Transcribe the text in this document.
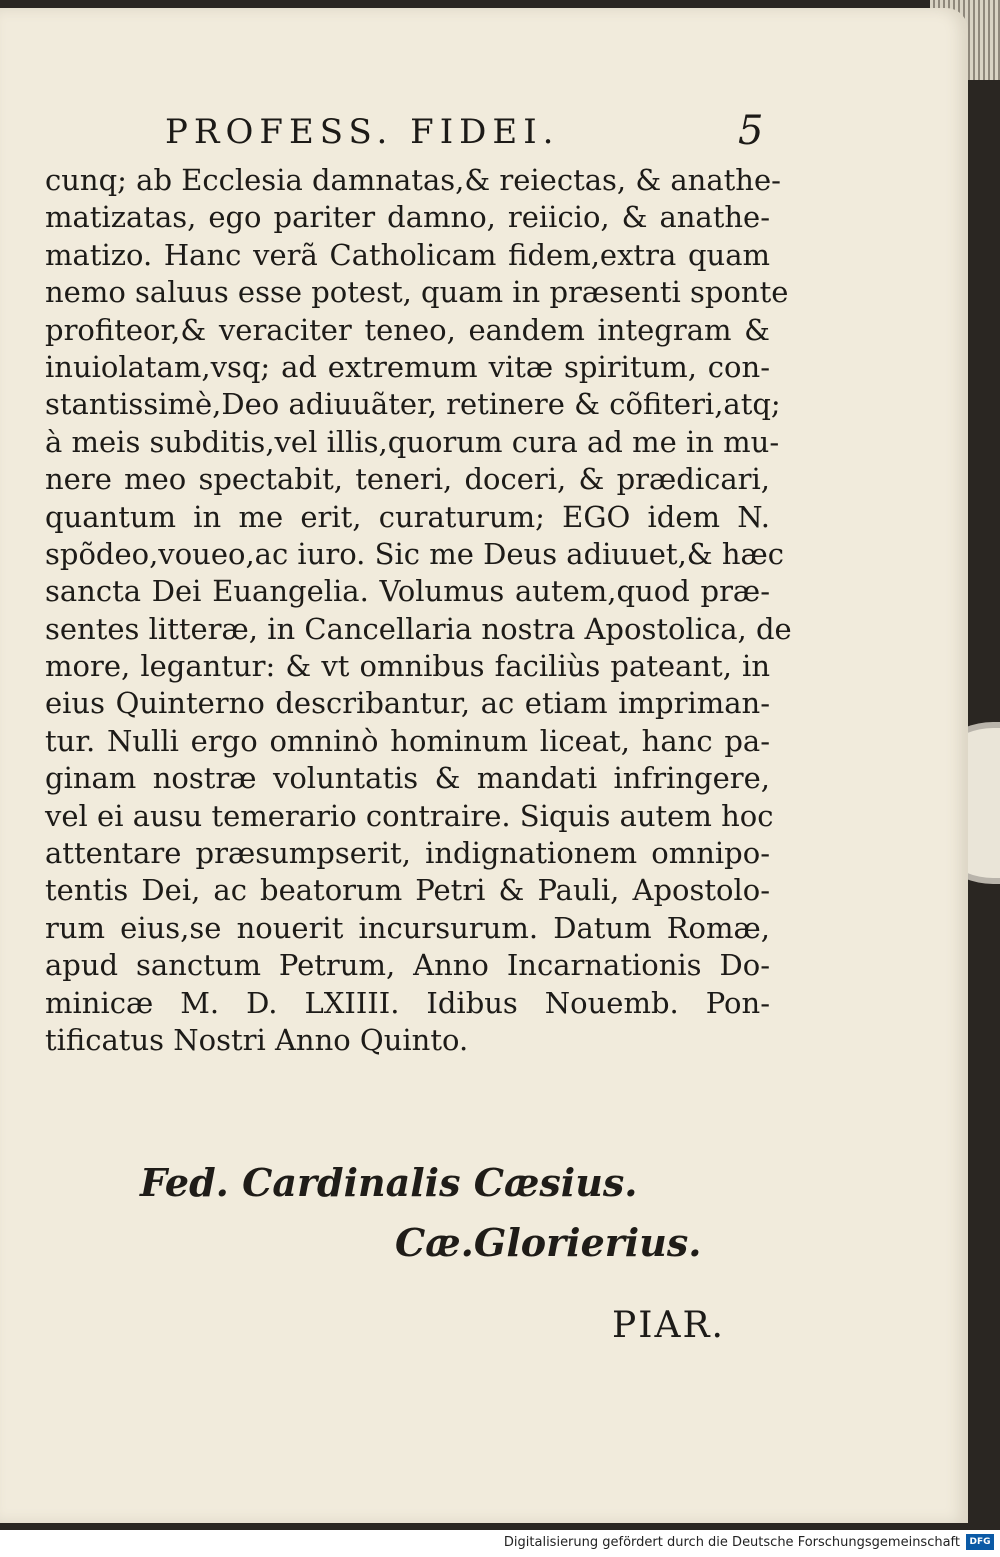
PROFESS. FIDEI.	5
cunq; ab Ecclesia damnatas,& reiectas, & anathe-
matizatas, ego pariter damno, reiicio, & anathe-
matizo. Hanc verã Catholicam fidem,extra quam
nemo saluus esse potest, quam in præsenti sponte
profiteor,& veraciter teneo, eandem integram &
inuiolatam,vsq; ad extremum vitæ spiritum, con-
stantissimè,Deo adiuuãter, retinere & cõfiteri,atq;
à meis subditis,vel illis,quorum cura ad me in mu-
nere meo spectabit, teneri, doceri, & prædicari,
quantum in me erit, curaturum; EGO idem N.
spõdeo,voueo,ac iuro. Sic me Deus adiuuet,& hæc
sancta Dei Euangelia. Volumus autem,quod præ-
sentes litteræ, in Cancellaria nostra Apostolica, de
more, legantur: & vt omnibus faciliùs pateant, in
eius Quinterno describantur, ac etiam impriman-
tur. Nulli ergo omninò hominum liceat, hanc pa-
ginam nostræ voluntatis & mandati infringere,
vel ei ausu temerario contraire. Siquis autem hoc
attentare præsumpserit, indignationem omnipo-
tentis Dei, ac beatorum Petri & Pauli, Apostolo-
rum eius,se nouerit incursurum. Datum Romæ,
apud sanctum Petrum, Anno Incarnationis Do-
minicæ M. D. LXIIII. Idibus Nouemb. Pon-
tificatus Nostri Anno Quinto.
Fed. Cardinalis Cæsius.
Cæ.Glorierius.
PIAR.
Digitalisierung gefördert durch die Deutsche Forschungsgemeinschaft	DFG
